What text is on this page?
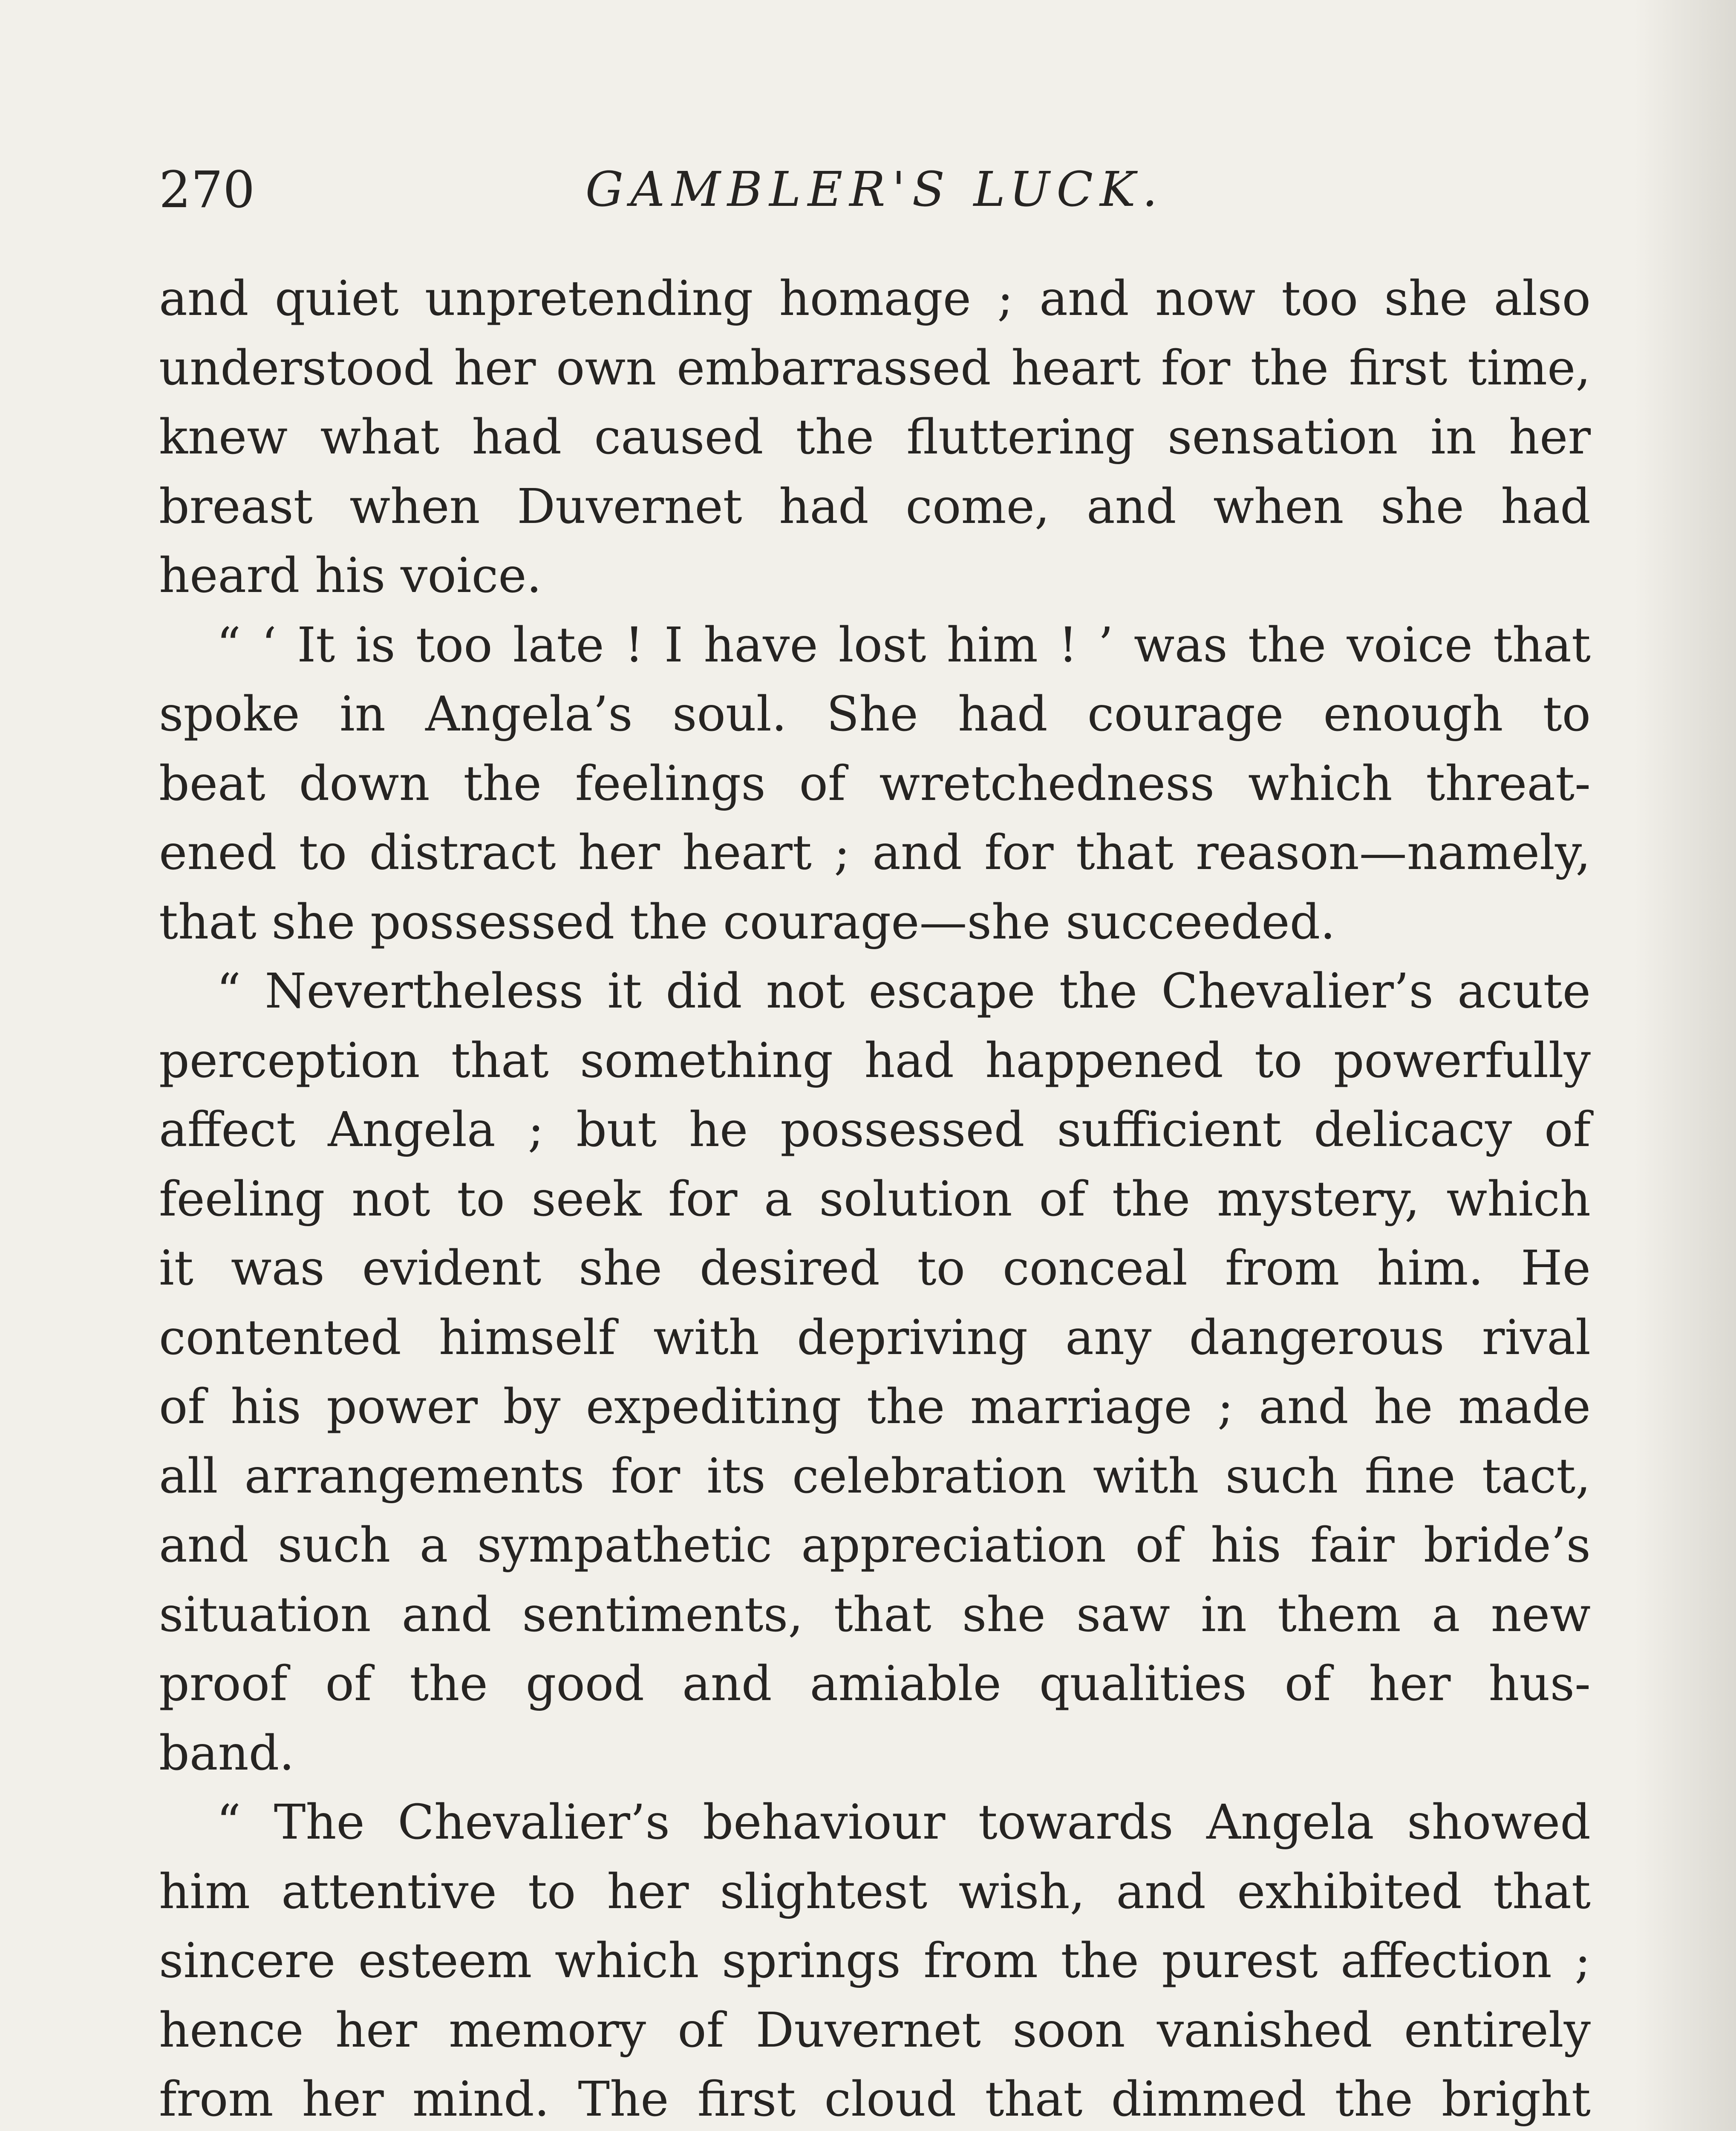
270	GAMBLER'S LUCK.
and quiet unpretending homage ; and now too she also
understood her own embarrassed heart for the first time,
knew what had caused the fluttering sensation in her
breast when Duvernet had come, and when she had
heard his voice.
“ ‘ It is too late ! I have lost him ! ’ was the voice that
spoke in Angela’s soul. She had courage enough to
beat down the feelings of wretchedness which threat-
ened to distract her heart ; and for that reason—namely,
that she possessed the courage—she succeeded.
“ Nevertheless it did not escape the Chevalier’s acute
perception that something had happened to powerfully
affect Angela ; but he possessed sufficient delicacy of
feeling not to seek for a solution of the mystery, which
it was evident she desired to conceal from him. He
contented himself with depriving any dangerous rival
of his power by expediting the marriage ; and he made
all arrangements for its celebration with such fine tact,
and such a sympathetic appreciation of his fair bride’s
situation and sentiments, that she saw in them a new
proof of the good and amiable qualities of her hus-
band.
“ The Chevalier’s behaviour towards Angela showed
him attentive to her slightest wish, and exhibited that
sincere esteem which springs from the purest affection ;
hence her memory of Duvernet soon vanished entirely
from her mind. The first cloud that dimmed the bright
